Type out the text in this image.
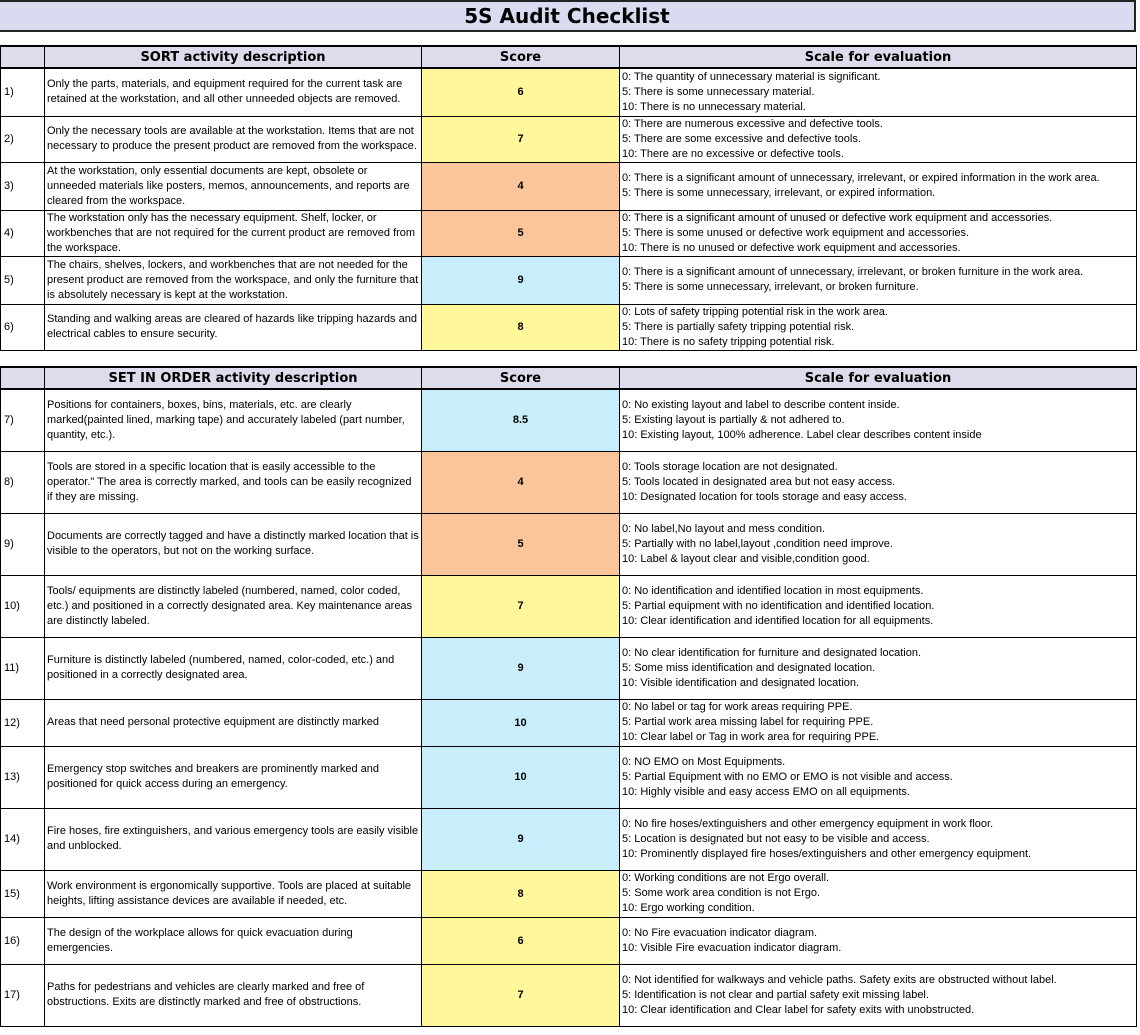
5S Audit Checklist
	SORT activity description	Score	Scale for evaluation
1)	Only the parts, materials, and equipment required for the current task are retained at the workstation, and all other unneeded objects are removed.	6	0: The quantity of unnecessary material is significant.
5: There is some unnecessary material.
10: There is no unnecessary material.

2)	Only the necessary tools are available at the workstation. Items that are not necessary to produce the present product are removed from the workspace.	7	0: There are numerous excessive and defective tools.
5: There are some excessive and defective tools.
10: There are no excessive or defective tools.

3)	At the workstation, only essential documents are kept, obsolete or unneeded materials like posters, memos, announcements, and reports are cleared from the workspace.	4	0: There is a significant amount of unnecessary, irrelevant, or expired information in the work area.
5: There is some unnecessary, irrelevant, or expired information.

4)	The workstation only has the necessary equipment. Shelf, locker, or workbenches that are not required for the current product are removed from the workspace.	5	0: There is a significant amount of unused or defective work equipment and accessories.
5: There is some unused or defective work equipment and accessories.
10: There is no unused or defective work equipment and accessories.

5)	The chairs, shelves, lockers, and workbenches that are not needed for the present product are removed from the workspace, and only the furniture that is absolutely necessary is kept at the workstation.	9	0: There is a significant amount of unnecessary, irrelevant, or broken furniture in the work area.
5: There is some unnecessary, irrelevant, or broken furniture.

6)	Standing and walking areas are cleared of hazards like tripping hazards and electrical cables to ensure security.	8	0: Lots of safety tripping potential risk in the work area.
5: There is partially safety tripping potential risk.
10: There is no safety tripping potential risk.
	SET IN ORDER activity description	Score	Scale for evaluation
7)	Positions for containers, boxes, bins, materials, etc. are clearly marked(painted lined, marking tape) and accurately labeled (part number, quantity, etc.).	8.5	0: No existing layout and label to describe content inside.
5: Existing layout is partially & not adhered to.
10: Existing layout, 100% adherence. Label clear describes content inside

8)	Tools are stored in a specific location that is easily accessible to the operator." The area is correctly marked, and tools can be easily recognized if they are missing.	4	0: Tools storage location are not designated.
5: Tools located in designated area but not easy access.
10: Designated location for tools storage and easy access.

9)	Documents are correctly tagged and have a distinctly marked location that is visible to the operators, but not on the working surface.	5	0: No label,No layout and mess condition.
5: Partially with no label,layout ,condition need improve.
10: Label & layout clear and visible,condition good.

10)	Tools/ equipments are distinctly labeled (numbered, named, color coded, etc.) and positioned in a correctly designated area. Key maintenance areas are distinctly labeled.	7	0: No identification and identified location in most equipments.
5: Partial equipment with no identification and identified location.
10: Clear identification and identified location for all equipments.

11)	Furniture is distinctly labeled (numbered, named, color-coded, etc.) and positioned in a correctly designated area.	9	0: No clear identification for furniture and designated location.
5: Some miss identification and designated location.
10: Visible identification and designated location.

12)	Areas that need personal protective equipment are distinctly marked	10	0: No label or tag for work areas requiring PPE.
5: Partial work area missing label for requiring PPE.
10: Clear label or Tag in work area for requiring PPE.

13)	Emergency stop switches and breakers are prominently marked and positioned for quick access during an emergency.	10	0: NO EMO on Most Equipments.
5: Partial Equipment with no EMO or EMO is not visible and access.
10: Highly visible and easy access EMO on all equipments.

14)	Fire hoses, fire extinguishers, and various emergency tools are easily visible and unblocked.	9	0: No fire hoses/extinguishers and other emergency equipment in work floor.
5: Location is designated but not easy to be visible and access.
10: Prominently displayed fire hoses/extinguishers and other emergency equipment.

15)	Work environment is ergonomically supportive. Tools are placed at suitable heights, lifting assistance devices are available if needed, etc.	8	0: Working conditions are not Ergo overall.
5: Some work area condition is not Ergo.
10: Ergo working condition.

16)	The design of the workplace allows for quick evacuation during emergencies.	6	0: No Fire evacuation indicator diagram.
10: Visible Fire evacuation indicator diagram.

17)	Paths for pedestrians and vehicles are clearly marked and free of obstructions. Exits are distinctly marked and free of obstructions.	7	0: Not identified for walkways and vehicle paths. Safety exits are obstructed without label.
5: Identification is not clear and partial safety exit missing label.
10: Clear identification and Clear label for safety exits with unobstructed.
